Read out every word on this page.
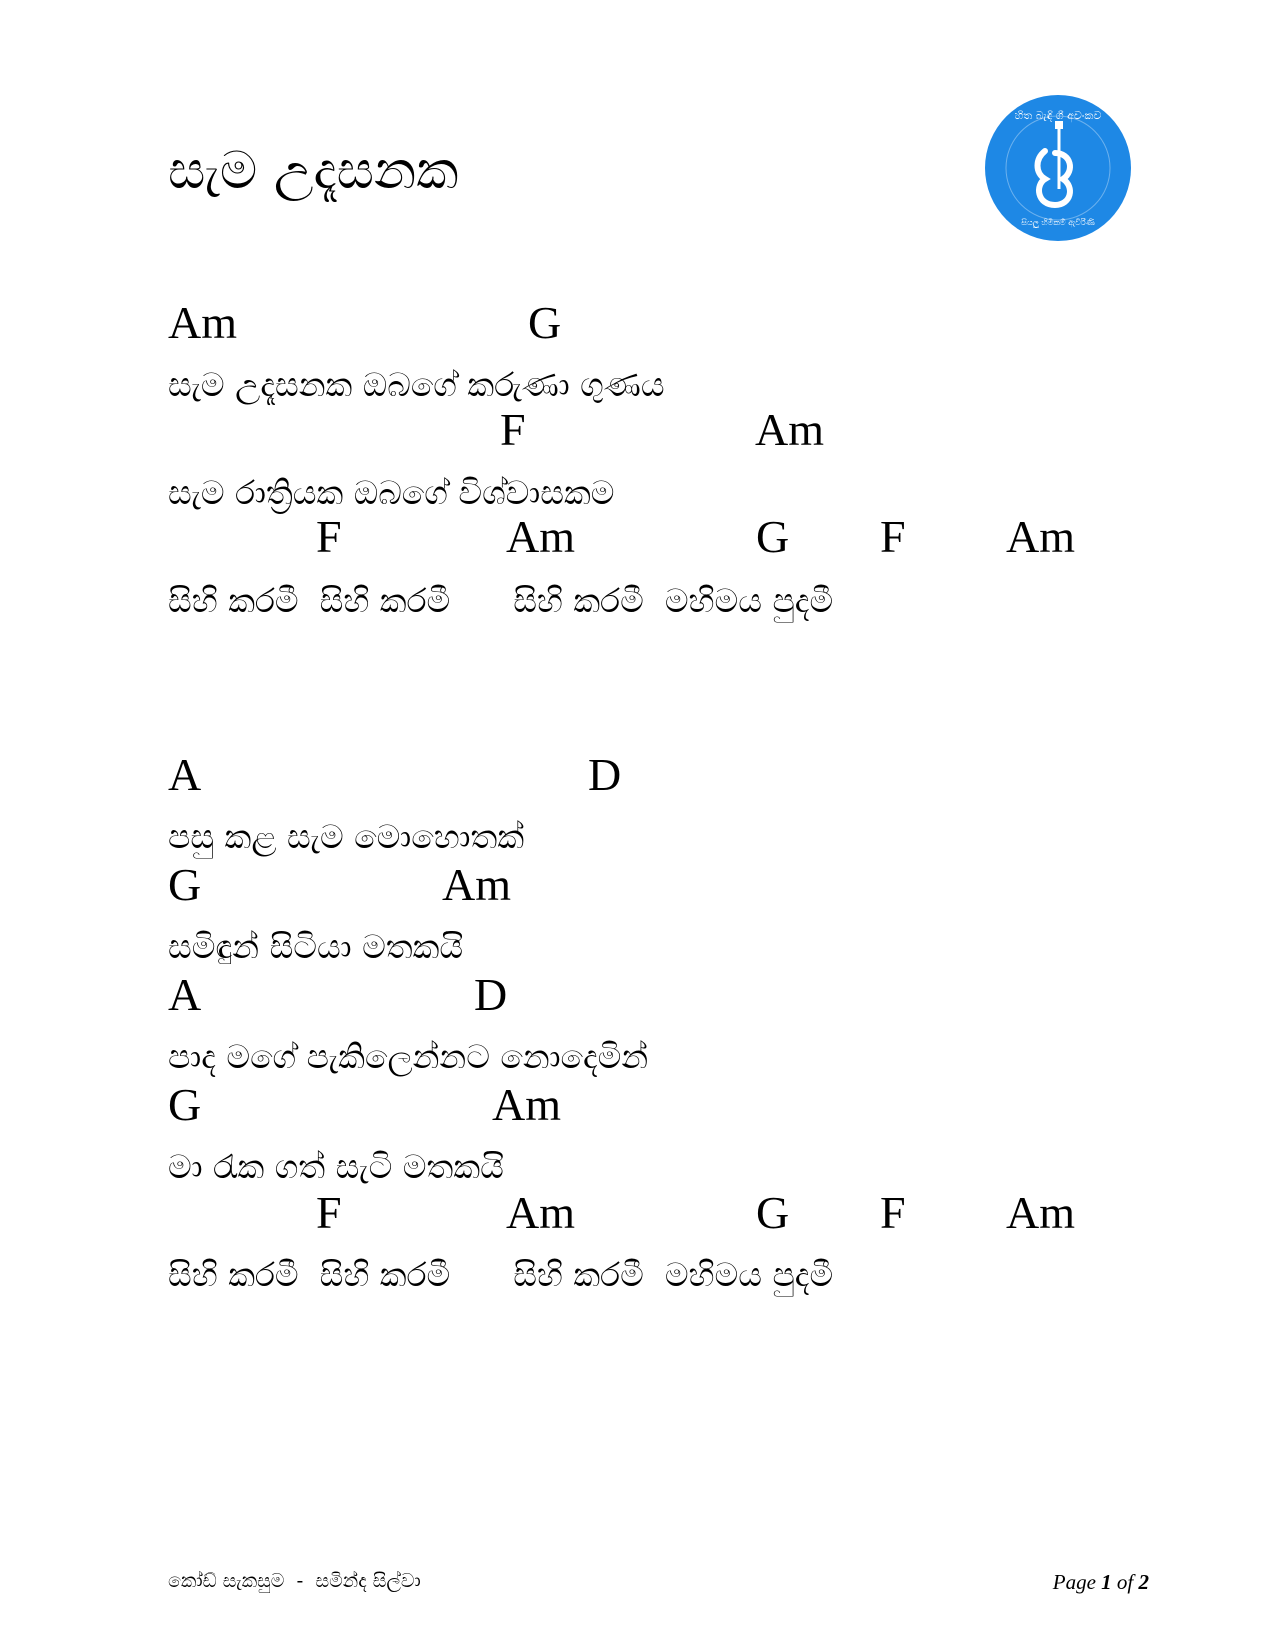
සැම උදෑසනක
හිත බැඳි ගී අවංකව
සියලු හිමිකම් ඇවිරිණි
Am	G
සැම උදෑසනක ඔබගේ කරුණා ගුණය
F	Am
සැම රාත්‍රියක ඔබගේ විශ්වාසකම
F	Am	G F Am
සිහි කරමී  සිහි කරමී      සිහි කරමී  මහිමය පුදමී
A	D
පසු කළ සැම මොහොතක්
G	Am
සමිඳුන් සිටියා මතකයි
A	D
පාද මගේ පැකිලෙන්නට නොදෙමින්
G	Am
මා රැක ගත් සැටි මතකයි
F	Am	G F Am
සිහි කරමී  සිහි කරමී      සිහි කරමී  මහිමය පුදමී
කෝඩ් සැකසුම  -  සමින්ද සිල්වා	Page 1 of 2
